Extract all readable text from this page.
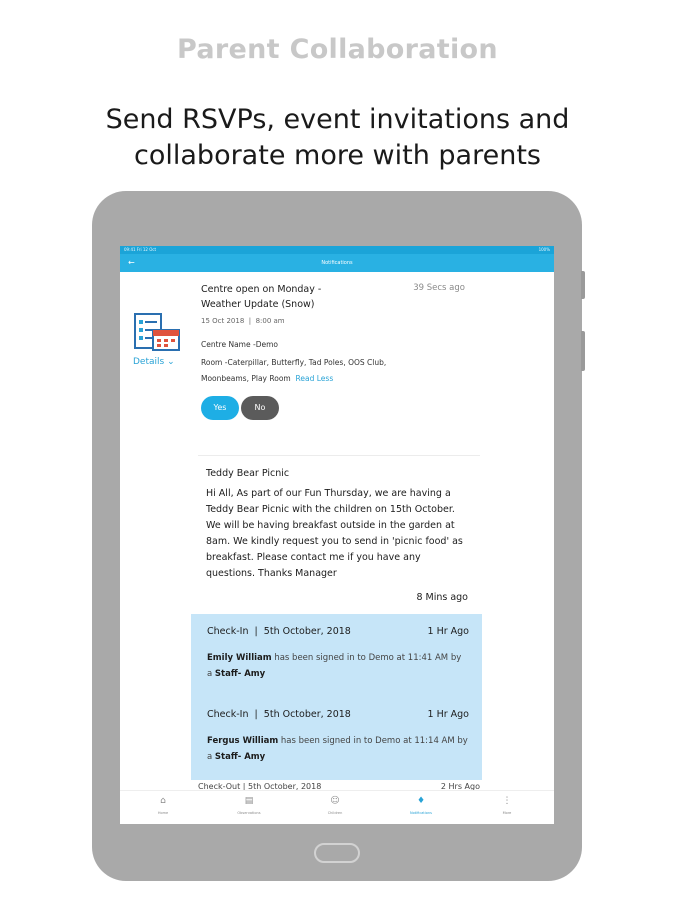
Parent Collaboration
Send RSVPs, event invitations and
collaborate more with parents
09:41 Fri 12 Oct	100%
←	Notifications
Details ⌄
Centre open on Monday - Weather Update (Snow)
39 Secs ago
15 Oct 2018  |  8:00 am
Centre Name -Demo
Room -Caterpillar, Butterfly, Tad Poles, OOS Club, Moonbeams, Play Room Read Less
Yes	No
Teddy Bear Picnic
Hi All, As part of our Fun Thursday, we are having a Teddy Bear Picnic with the children on 15th October. We will be having breakfast outside in the garden at 8am. We kindly request you to send in 'picnic food' as breakfast. Please contact me if you have any questions. Thanks Manager
8 Mins ago
Check-In  |  5th October, 2018	1 Hr Ago
Emily William has been signed in to Demo at 11:41 AM by a Staff- Amy
Check-In  |  5th October, 2018	1 Hr Ago
Fergus William has been signed in to Demo at 11:14 AM by a Staff- Amy
Check-Out | 5th October, 2018	2 Hrs Ago
⌂
Home
▤
Observations
☺
Children
♦
Notifications
⋮
More
